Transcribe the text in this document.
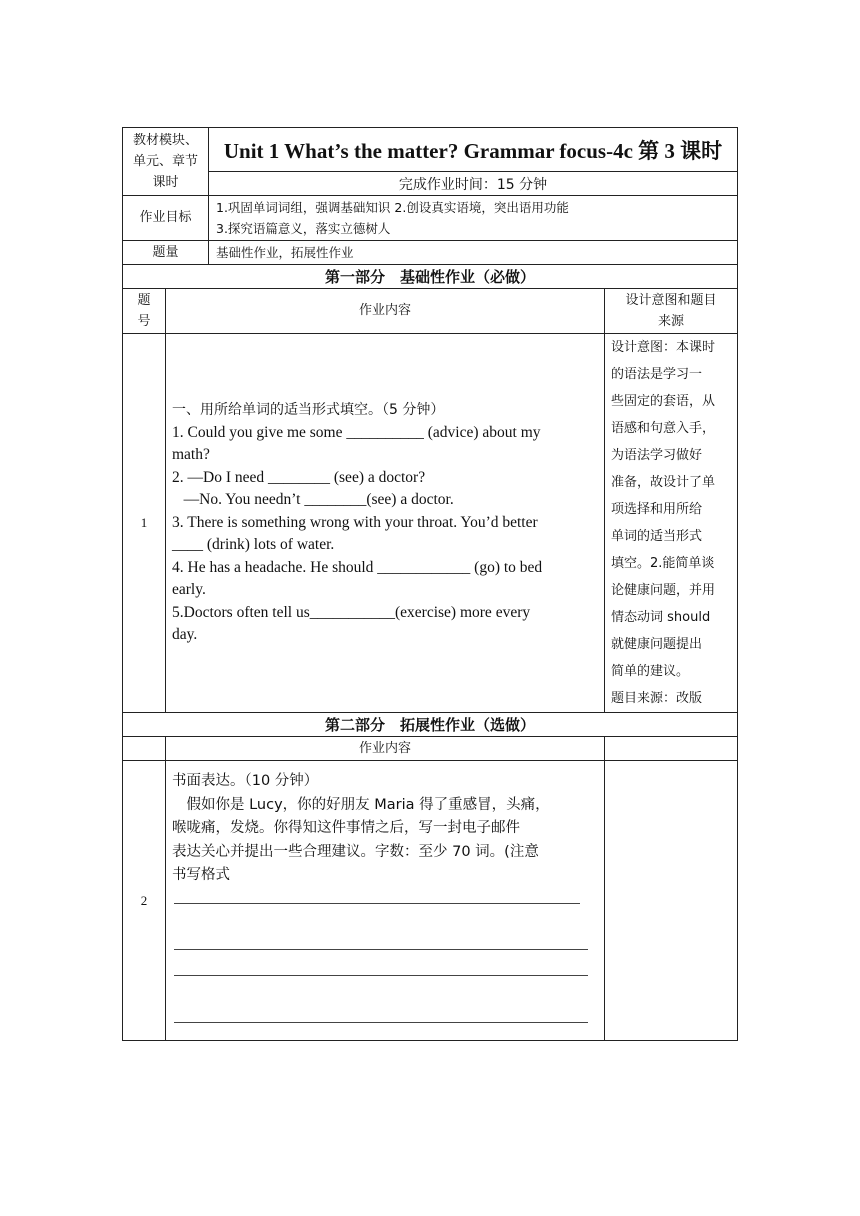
教材模块、
单元、章节
课时
Unit 1 What’s the matter? Grammar focus-4c 第 3 课时
完成作业时间：15 分钟
作业目标
1.巩固单词词组，强调基础知识 2.创设真实语境，突出语用功能
3.探究语篇意义，落实立德树人
题量	基础性作业，拓展性作业
第一部分　基础性作业（必做）
题
号
作业内容
设计意图和题目
来源
1

一、用所给单词的适当形式填空。（5 分钟）

1. Could you give me some __________ (advice) about my

math?

2. —Do I need ________ (see) a doctor?

—No. You needn’t ________(see) a doctor.

3. There is something wrong with your throat. You’d better

____ (drink) lots of water.

4. He has a headache. He should ____________ (go) to bed

early.

5.Doctors often tell us___________(exercise) more every

day.

设计意图：本课时
的语法是学习一
些固定的套语，从
语感和句意入手，
为语法学习做好
准备，故设计了单
项选择和用所给
单词的适当形式
填空。2.能简单谈
论健康问题，并用
情态动词 should
就健康问题提出
简单的建议。
题目来源：改版
第二部分　拓展性作业（选做）
作业内容
2

书面表达。（10 分钟）

　假如你是 Lucy，你的好朋友 Maria 得了重感冒，头痛，

喉咙痛，发烧。你得知这件事情之后，写一封电子邮件

表达关心并提出一些合理建议。字数：至少 70 词。(注意

书写格式
